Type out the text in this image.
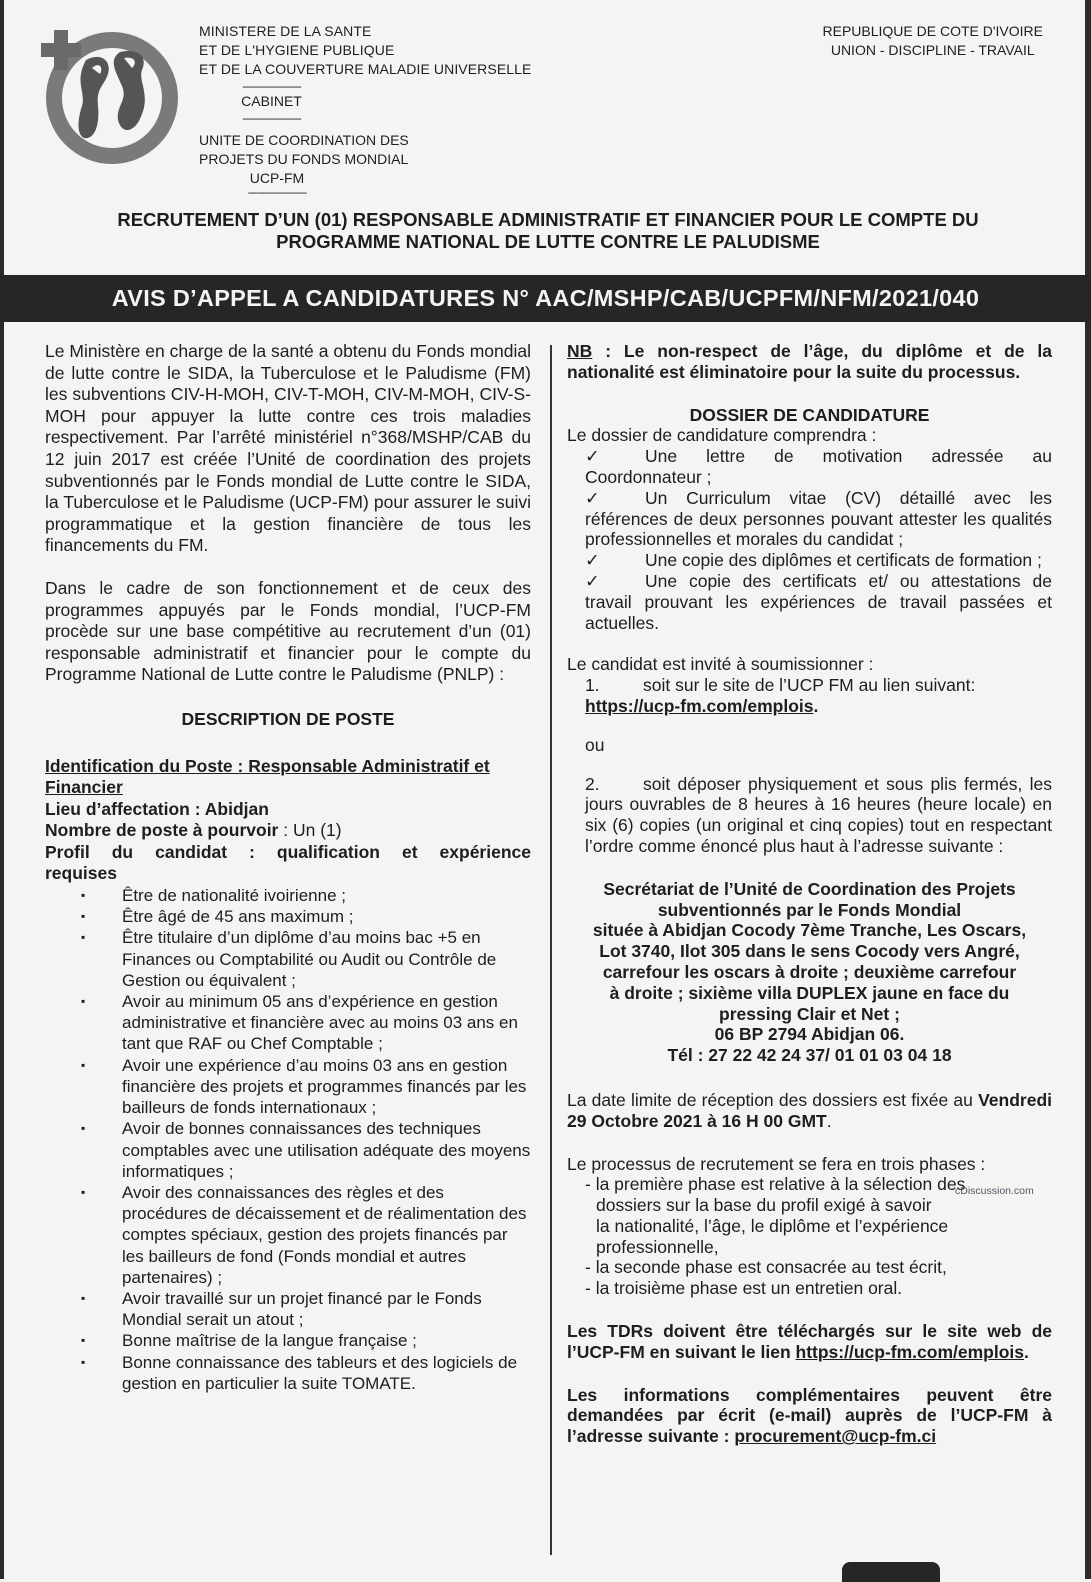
MINISTERE DE LA SANTE
ET DE L'HYGIENE PUBLIQUE
ET DE LA COUVERTURE MALADIE UNIVERSELLE
----------------------
CABINET
----------------------
UNITE DE COORDINATION DES
PROJETS DU FONDS MONDIAL
UCP-FM
----------------------
REPUBLIQUE DE COTE D'IVOIRE
UNION - DISCIPLINE - TRAVAIL
RECRUTEMENT D’UN (01) RESPONSABLE ADMINISTRATIF ET FINANCIER POUR LE COMPTE DU
PROGRAMME NATIONAL DE LUTTE CONTRE LE PALUDISME
AVIS D’APPEL A CANDIDATURES N° AAC/MSHP/CAB/UCPFM/NFM/2021/040

Le Ministère en charge de la santé a obtenu du Fonds mondial de lutte contre le SIDA, la Tuberculose et le Paludisme (FM) les subventions CIV-H-MOH, CIV-T-MOH, CIV-M-MOH, CIV-S-MOH pour appuyer la lutte contre ces trois maladies respectivement. Par l’arrêté ministériel n°368/MSHP/CAB du 12 juin 2017 est créée l’Unité de coordination des projets subventionnés par le Fonds mondial de Lutte contre le SIDA, la Tuberculose et le Paludisme (UCP-FM) pour assurer le suivi programmatique et la gestion financière de tous les financements du FM.

Dans le cadre de son fonctionnement et de ceux des programmes appuyés par le Fonds mondial, l’UCP-FM procède sur une base compétitive au recrutement d’un (01) responsable administratif et financier pour le compte du Programme National de Lutte contre le Paludisme (PNLP) :

DESCRIPTION DE POSTE

Identification du Poste : Responsable Administratif et Financier

Lieu d’affectation : Abidjan

Nombre de poste à pourvoir : Un (1)

Profil du candidat : qualification et expérience requises

▪ Être de nationalité ivoirienne ;
▪ Être âgé de 45 ans maximum ;
▪ Être titulaire d’un diplôme d’au moins bac +5 en Finances ou Comptabilité ou Audit ou Contrôle de Gestion ou équivalent ;
▪ Avoir au minimum 05 ans d’expérience en gestion administrative et financière avec au moins 03 ans en tant que RAF ou Chef Comptable ;
▪ Avoir une expérience d’au moins 03 ans en gestion financière des projets et programmes financés par les bailleurs de fonds internationaux ;
▪ Avoir de bonnes connaissances des techniques comptables avec une utilisation adéquate des moyens informatiques ;
▪ Avoir des connaissances des règles et des procédures de décaissement et de réalimentation des comptes spéciaux, gestion des projets financés par les bailleurs de fond (Fonds mondial et autres partenaires) ;
▪ Avoir travaillé sur un projet financé par le Fonds Mondial serait un atout ;
▪ Bonne maîtrise de la langue française ;
▪ Bonne connaissance des tableurs et des logiciels de gestion en particulier la suite TOMATE.

NB : Le non-respect de l’âge, du diplôme et de la nationalité est éliminatoire pour la suite du processus.

DOSSIER DE CANDIDATURE

Le dossier de candidature comprendra :

✓	Une lettre de motivation adressée au Coordonnateur ;
✓	Un Curriculum vitae (CV) détaillé avec les références de deux personnes pouvant attester les qualités professionnelles et morales du candidat ;
✓	Une copie des diplômes et certificats de formation ;
✓	Une copie des certificats et/ ou attestations de travail prouvant les expériences de travail passées et actuelles.

Le candidat est invité à soumissionner :

1. soit sur le site de l’UCP FM au lien suivant:

https://ucp-fm.com/emplois.

ou

2. soit déposer physiquement et sous plis fermés, les jours ouvrables de 8 heures à 16 heures (heure locale) en six (6) copies (un original et cinq copies) tout en respectant l’ordre comme énoncé plus haut à l’adresse suivante :

Secrétariat de l’Unité de Coordination des Projets
subventionnés par le Fonds Mondial
située à Abidjan Cocody 7ème Tranche, Les Oscars,
Lot 3740, Ilot 305 dans le sens Cocody vers Angré,
carrefour les oscars à droite ; deuxième carrefour
à droite ; sixième villa DUPLEX jaune en face du
pressing Clair et Net ;
06 BP 2794 Abidjan 06.
Tél : 27 22 42 24 37/ 01 01 03 04 18

La date limite de réception des dossiers est fixée au Vendredi 29 Octobre 2021 à 16 H 00 GMT.

Le processus de recrutement se fera en trois phases :

- la première phase est relative à la sélection des
dossiers sur la base du profil exigé à savoir
la nationalité, l’âge, le diplôme et l’expérience
professionnelle,
- la seconde phase est consacrée au test écrit,
- la troisième phase est un entretien oral.

Les TDRs doivent être téléchargés sur le site web de l’UCP-FM en suivant le lien https://ucp-fm.com/emplois.

Les informations complémentaires peuvent être demandées par écrit (e-mail) auprès de l’UCP-FM à l’adresse suivante : procurement@ucp-fm.ci

cDiscussion.com
